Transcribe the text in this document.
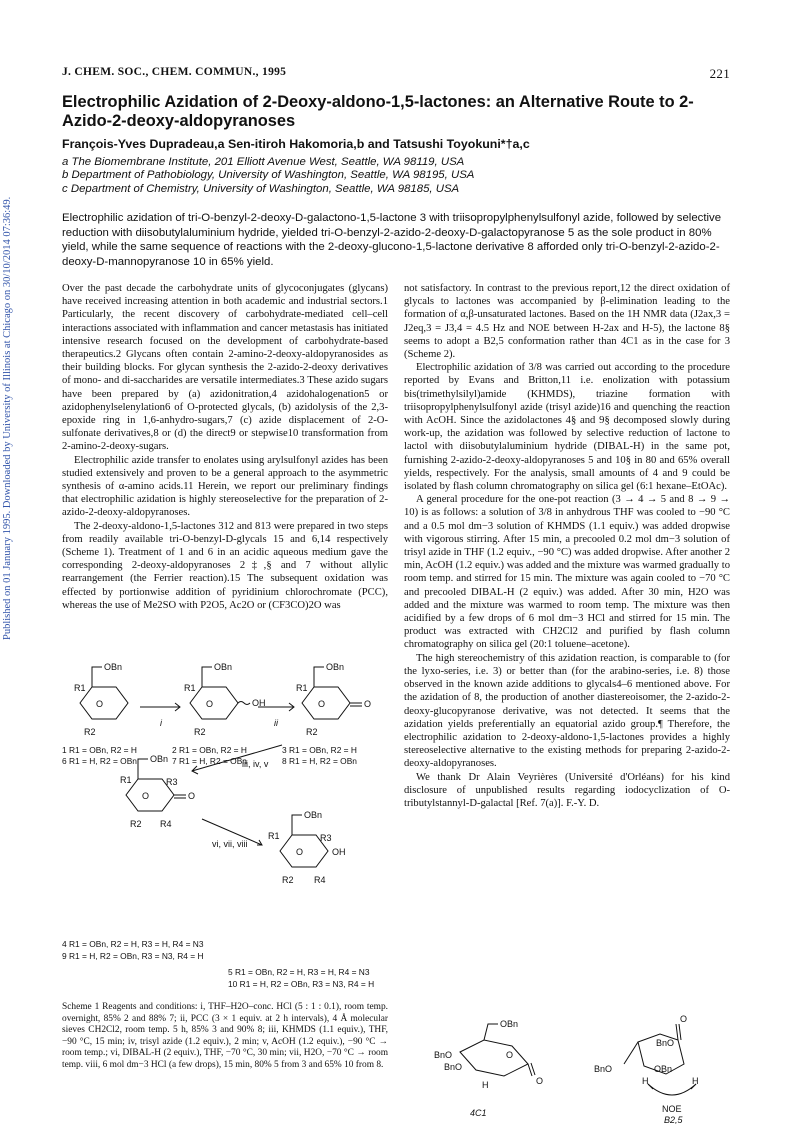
Published on 01 January 1995. Downloaded by University of Illinois at Chicago on 30/10/2014 07:36:49.
J. CHEM. SOC., CHEM. COMMUN., 1995	221
Electrophilic Azidation of 2-Deoxy-aldono-1,5-lactones: an Alternative Route to 2-Azido-2-deoxy-aldopyranoses
François-Yves Dupradeau,a Sen-itiroh Hakomoria,b and Tatsushi Toyokuni*†a,c
a The Biomembrane Institute, 201 Elliott Avenue West, Seattle, WA 98119, USA
b Department of Pathobiology, University of Washington, Seattle, WA 98195, USA
c Department of Chemistry, University of Washington, Seattle, WA 98185, USA
Electrophilic azidation of tri-O-benzyl-2-deoxy-D-galactono-1,5-lactone 3 with triisopropylphenylsulfonyl azide, followed by selective reduction with diisobutylaluminium hydride, yielded tri-O-benzyl-2-azido-2-deoxy-D-galactopyranose 5 as the sole product in 80% yield, while the same sequence of reactions with the 2-deoxy-glucono-1,5-lactone derivative 8 afforded only tri-O-benzyl-2-azido-2-deoxy-D-mannopyranose 10 in 65% yield.

Over the past decade the carbohydrate units of glycoconjugates (glycans) have received increasing attention in both academic and industrial sectors.1 Particularly, the recent discovery of carbohydrate-mediated cell–cell interactions associated with inflammation and cancer metastasis has initiated intensive research focused on the development of carbohydrate-based therapeutics.2 Glycans often contain 2-amino-2-deoxy-aldopyranosides as their building blocks. For glycan synthesis the 2-azido-2-deoxy derivatives of mono- and di-saccharides are versatile intermediates.3 These azido sugars have been prepared by (a) azidonitration,4 azidohalogenation5 or azidophenylselenylation6 of O-protected glycals, (b) azidolysis of the 2,3-epoxide ring in 1,6-anhydro-sugars,7 (c) azide displacement of 2-O-sulfonate derivatives,8 or (d) the direct9 or stepwise10 transformation from 2-amino-2-deoxy-sugars.

Electrophilic azide transfer to enolates using arylsulfonyl azides has been studied extensively and proven to be a general approach to the asymmetric synthesis of α-amino acids.11 Herein, we report our preliminary findings that electrophilic azidation is highly stereoselective for the preparation of 2-azido-2-deoxy-aldopyranoses.

The 2-deoxy-aldono-1,5-lactones 312 and 813 were prepared in two steps from readily available tri-O-benzyl-D-glycals 15 and 6,14 respectively (Scheme 1). Treatment of 1 and 6 in an acidic aqueous medium gave the corresponding 2-deoxy-aldopyranoses 2‡,§ and 7 without allylic rearrangement (the Ferrier reaction).15 The subsequent oxidation was effected by portionwise addition of pyridinium chlorochromate (PCC), whereas the use of Me2SO with P2O5, Ac2O or (CF3CO)2O was

not satisfactory. In contrast to the previous report,12 the direct oxidation of glycals to lactones was accompanied by β-elimination leading to the formation of α,β-unsaturated lactones. Based on the 1H NMR data (J2ax,3 = J2eq,3 = J3,4 = 4.5 Hz and NOE between H-2ax and H-5), the lactone 8§ seems to adopt a B2,5 conformation rather than 4C1 as in the case for 3 (Scheme 2).

Electrophilic azidation of 3/8 was carried out according to the procedure reported by Evans and Britton,11 i.e. enolization with potassium bis(trimethylsilyl)amide (KHMDS), triazine formation with triisopropylphenylsulfonyl azide (trisyl azide)16 and quenching the reaction with AcOH. Since the azidolactones 4§ and 9§ decomposed slowly during work-up, the azidation was followed by selective reduction of lactone to lactol with diisobutylaluminium hydride (DIBAL-H) in the same pot, furnishing 2-azido-2-deoxy-aldopyranoses 5 and 10§ in 80 and 65% overall yields, respectively. For the analysis, small amounts of 4 and 9 could be isolated by flash column chromatography on silica gel (6:1 hexane–EtOAc).

A general procedure for the one-pot reaction (3 → 4 → 5 and 8 → 9 → 10) is as follows: a solution of 3/8 in anhydrous THF was cooled to −90 °C and a 0.5 mol dm−3 solution of KHMDS (1.1 equiv.) was added dropwise with vigorous stirring. After 15 min, a precooled 0.2 mol dm−3 solution of trisyl azide in THF (1.2 equiv., −90 °C) was added dropwise. After another 2 min, AcOH (1.2 equiv.) was added and the mixture was warmed gradually to room temp. and stirred for 15 min. The mixture was again cooled to −70 °C and precooled DIBAL-H (2 equiv.) was added. After 30 min, H2O was added and the mixture was warmed to room temp. The mixture was then acidified by a few drops of 6 mol dm−3 HCl and stirred for 15 min. The product was extracted with CH2Cl2 and purified by flash column chromatography on silica gel (20:1 toluene–acetone).

The high stereochemistry of this azidation reaction, is comparable to (for the lyxo-series, i.e. 3) or better than (for the arabino-series, i.e. 8) those observed in the known azide additions to glycals4–6 mentioned above. For the azidation of 8, the production of another diastereoisomer, the 2-azido-2-deoxy-glucopyranose derivative, was not detected. It seems that the azidation yields preferentially an equatorial azido group.¶ Therefore, the electrophilic azidation to 2-deoxy-aldono-1,5-lactones provides a highly stereoselective alternative to the existing methods for preparing 2-azido-2-deoxy-aldopyranoses.

We thank Dr Alain Veyrières (Université d'Orléans) for his kind disclosure of unpublished results regarding iodocyclization of O-tributylstannyl-D-galactal [Ref. 7(a)]. F.-Y. D.

OBn
R1
O
R2
OBn
R1
O	OH
R2
OBn
R1
O	O
R2
i	ii
iii, iv, v
vi, vii, viii
OBn
R1
O
R3
O
R2 R4
OBn
R1
O
R3
OH
R2 R4
1 R1 = OBn, R2 = H
6 R1 = H, R2 = OBn
2 R1 = OBn, R2 = H
7 R1 = H, R2 = OBn
3 R1 = OBn, R2 = H
8 R1 = H, R2 = OBn
4 R1 = OBn, R2 = H, R3 = H, R4 = N3
9 R1 = H, R2 = OBn, R3 = N3, R4 = H
5 R1 = OBn, R2 = H, R3 = H, R4 = N3
10 R1 = H, R2 = OBn, R3 = N3, R4 = H
Scheme 1 Reagents and conditions: i, THF–H2O–conc. HCl (5 : 1 : 0.1), room temp. overnight, 85% 2 and 88% 7; ii, PCC (3 × 1 equiv. at 2 h intervals), 4 Å molecular sieves CH2Cl2, room temp. 5 h, 85% 3 and 90% 8; iii, KHMDS (1.1 equiv.), THF, −90 °C, 15 min; iv, trisyl azide (1.2 equiv.), 2 min; v, AcOH (1.2 equiv.), −90 °C → room temp.; vi, DIBAL-H (2 equiv.), THF, −70 °C, 30 min; vii, H2O, −70 °C → room temp. viii, 6 mol dm−3 HCl (a few drops), 15 min, 80% 5 from 3 and 65% 10 from 8.
OBn
BnO
BnO
O
O
H
4C1
O
BnO
BnO	OBn
H	H
NOE
B2,5
